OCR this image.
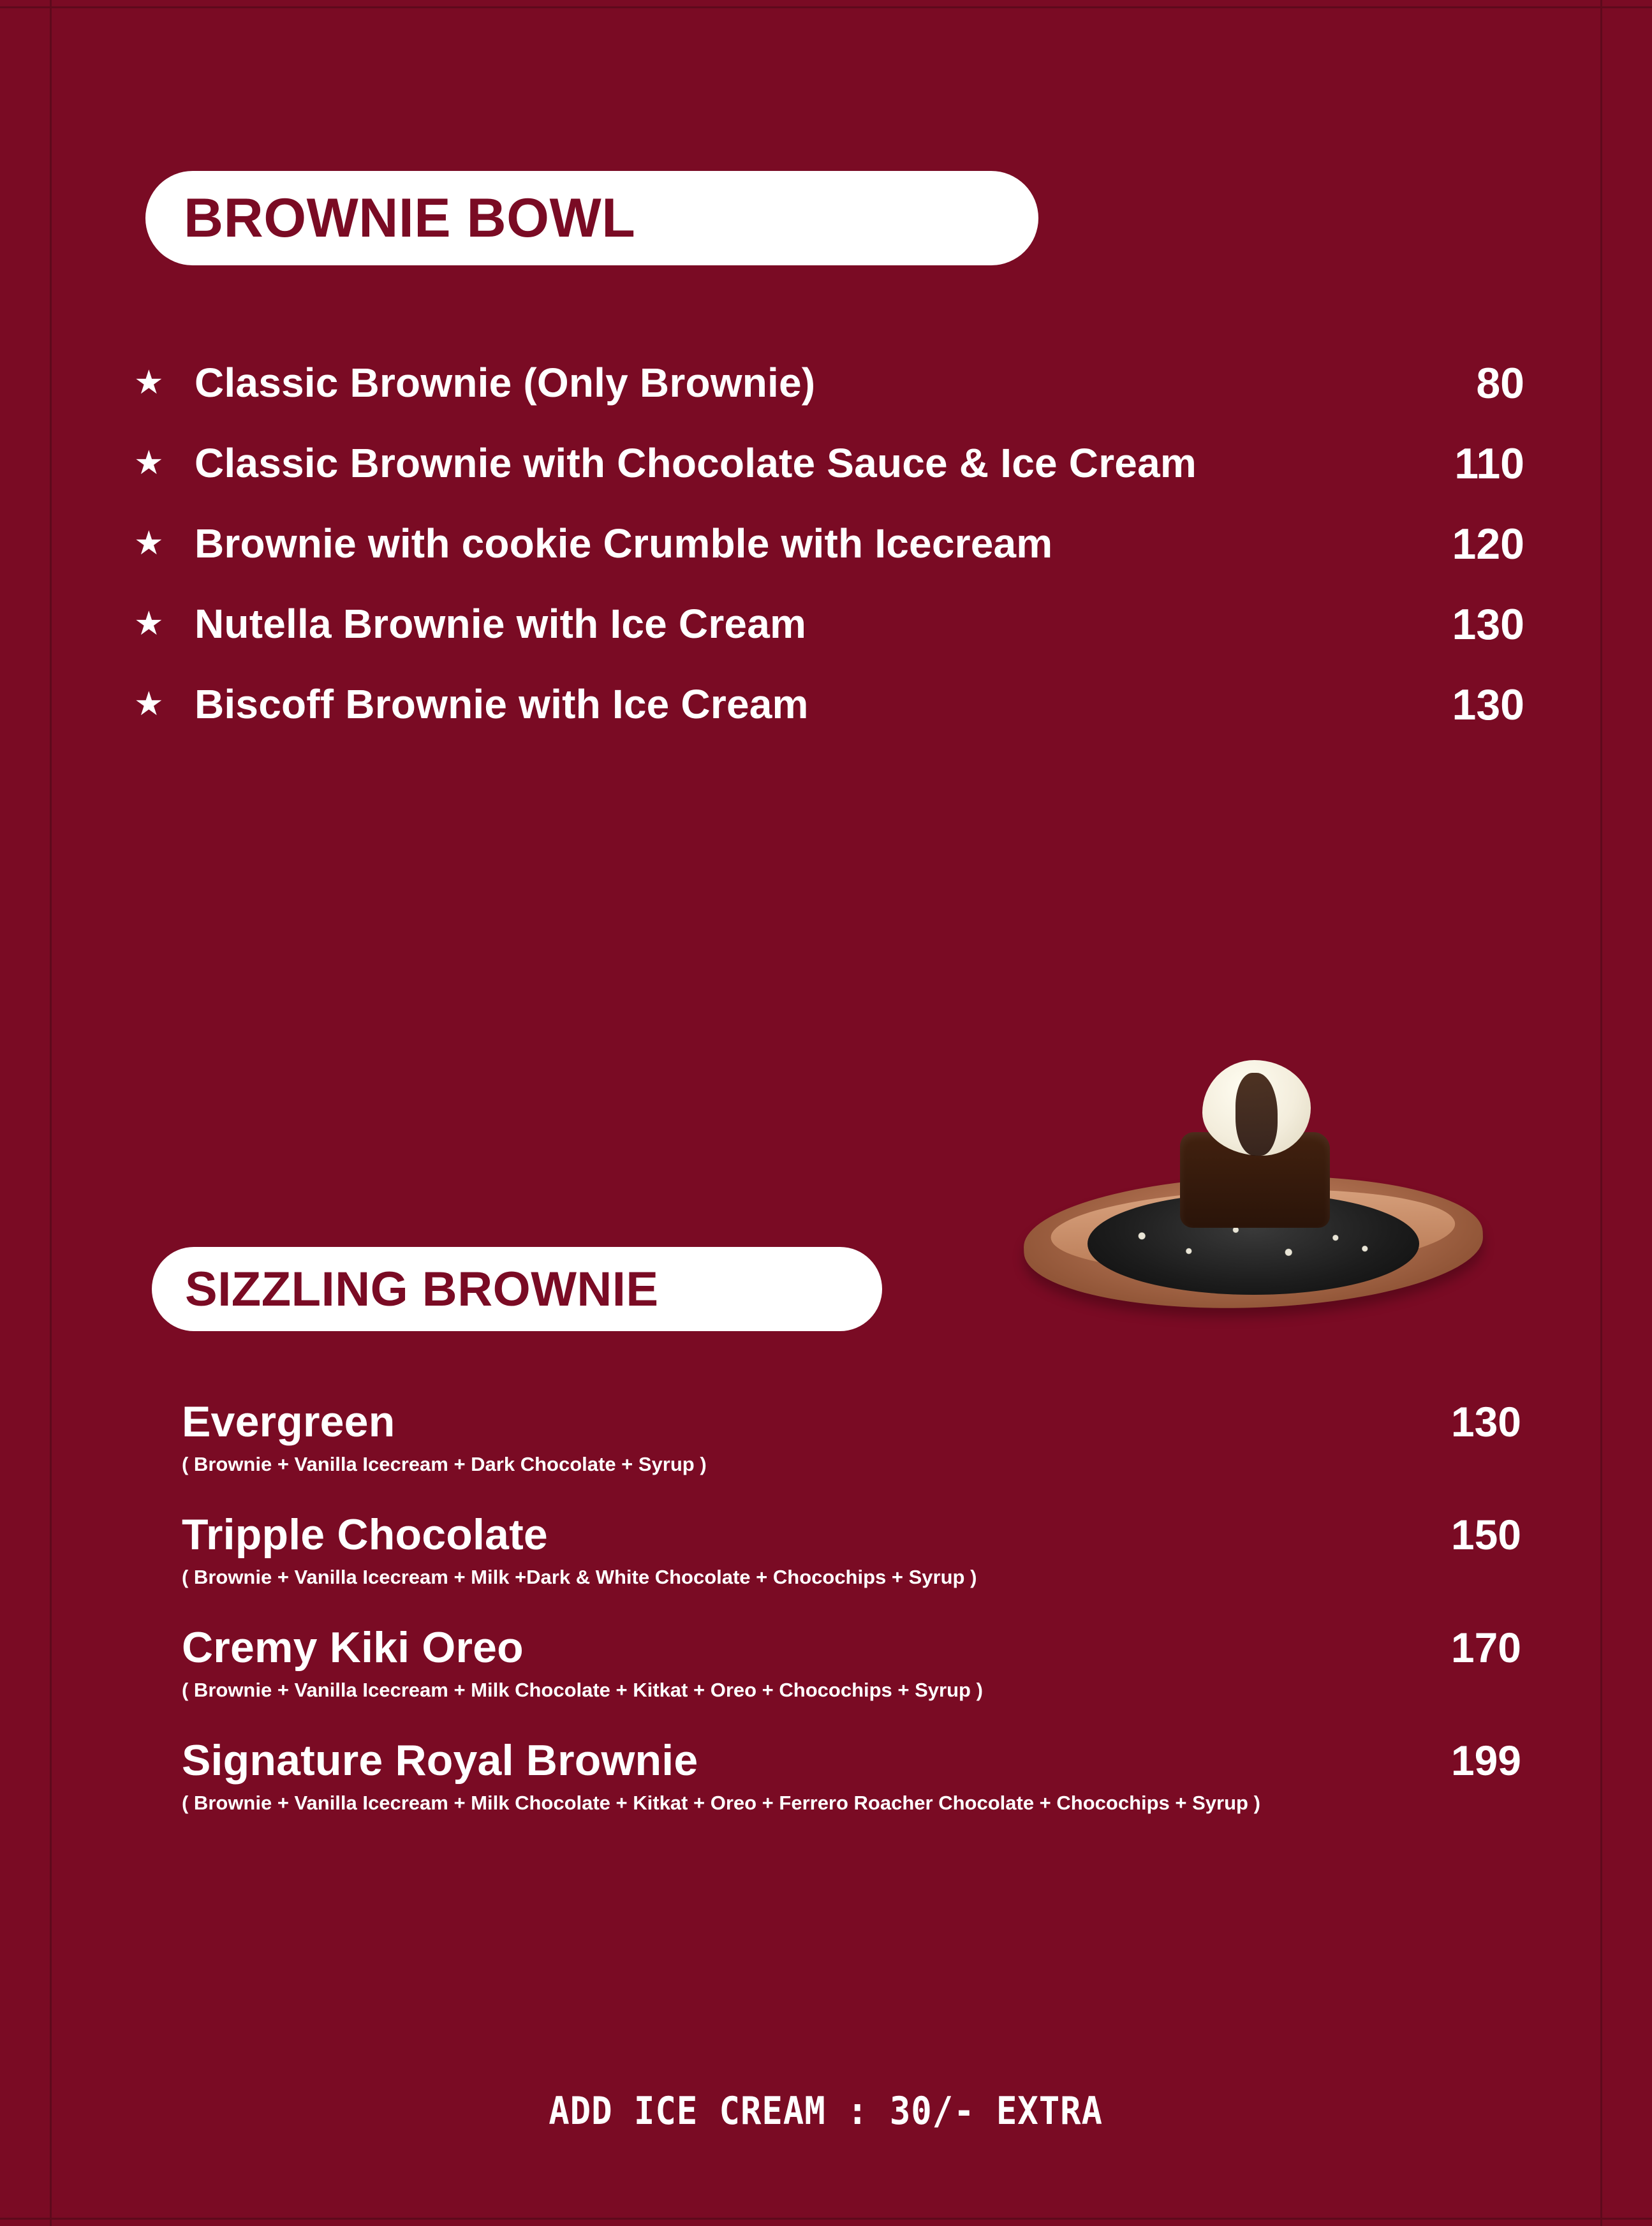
BROWNIE BOWL
★ Classic Brownie (Only Brownie)	80
★ Classic Brownie with Chocolate Sauce & Ice Cream	110
★ Brownie with cookie Crumble with Icecream	120
★ Nutella Brownie with Ice Cream	130
★ Biscoff Brownie with Ice Cream	130
SIZZLING BROWNIE
Evergreen	130
( Brownie + Vanilla Icecream + Dark Chocolate + Syrup )
Tripple Chocolate	150
( Brownie + Vanilla Icecream + Milk +Dark & White Chocolate + Chocochips + Syrup )
Cremy Kiki Oreo	170
( Brownie + Vanilla Icecream + Milk Chocolate + Kitkat + Oreo + Chocochips + Syrup )
Signature Royal Brownie	199
( Brownie + Vanilla Icecream + Milk Chocolate + Kitkat + Oreo + Ferrero Roacher Chocolate + Chocochips + Syrup )
ADD ICE CREAM : 30/- EXTRA
